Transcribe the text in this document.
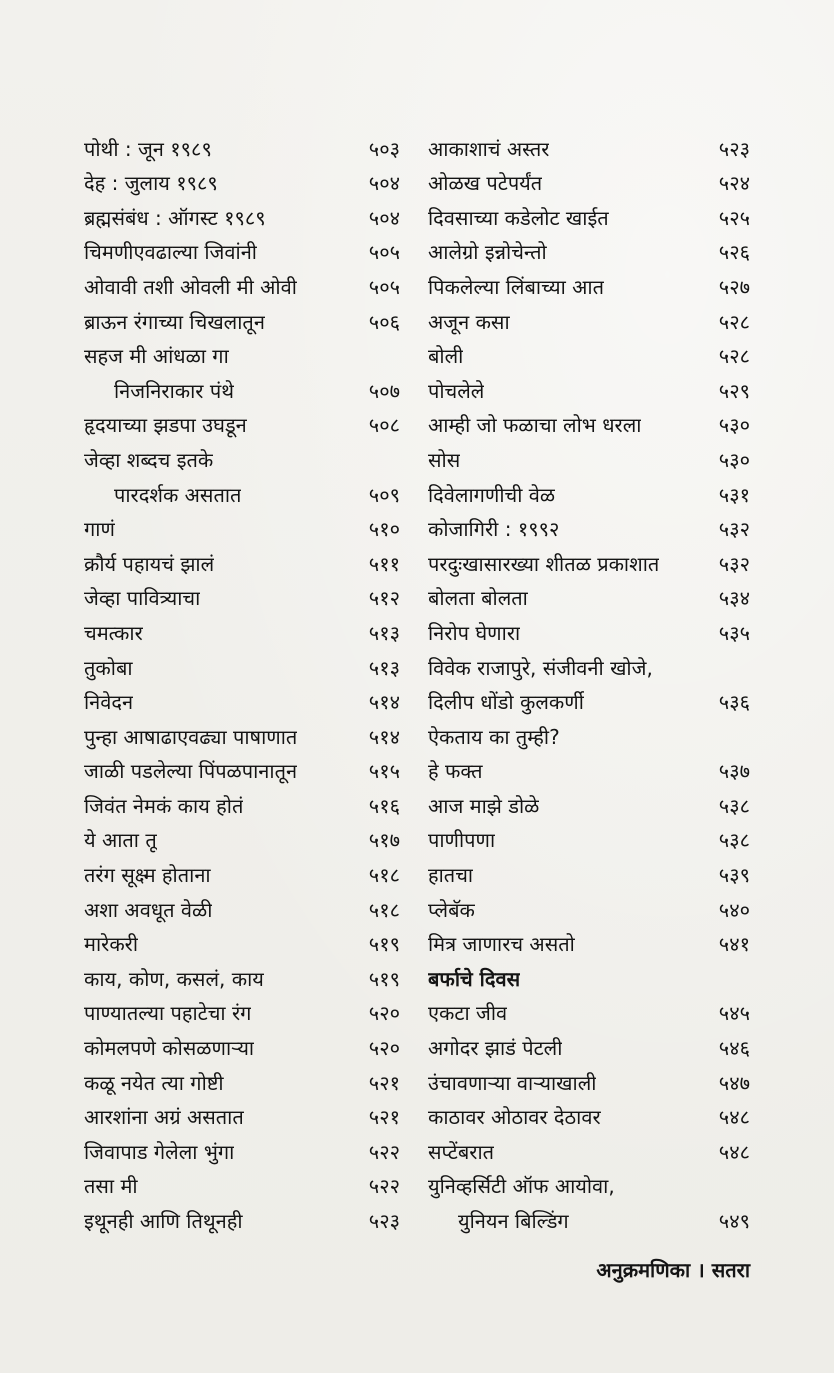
पोथी : जून १९८९	५०३
देह : जुलाय १९८९	५०४
ब्रह्मसंबंध : ऑगस्ट १९८९	५०४
चिमणीएवढाल्या जिवांनी	५०५
ओवावी तशी ओवली मी ओवी	५०५
ब्राऊन रंगाच्या चिखलातून	५०६
सहज मी आंधळा गा
निजनिराकार पंथे	५०७
हृदयाच्या झडपा उघडून	५०८
जेव्हा शब्दच इतके
पारदर्शक असतात	५०९
गाणं	५१०
क्रौर्य पहायचं झालं	५११
जेव्हा पावित्र्याचा	५१२
चमत्कार	५१३
तुकोबा	५१३
निवेदन	५१४
पुन्हा आषाढाएवढ्या पाषाणात	५१४
जाळी पडलेल्या पिंपळपानातून	५१५
जिवंत नेमकं काय होतं	५१६
ये आता तू	५१७
तरंग सूक्ष्म होताना	५१८
अशा अवधूत वेळी	५१८
मारेकरी	५१९
काय, कोण, कसलं, काय	५१९
पाण्यातल्या पहाटेचा रंग	५२०
कोमलपणे कोसळणाऱ्या	५२०
कळू नयेत त्या गोष्टी	५२१
आरशांना अग्रं असतात	५२१
जिवापाड गेलेला भुंगा	५२२
तसा मी	५२२
इथूनही आणि तिथूनही	५२३
आकाशाचं अस्तर	५२३
ओळख पटेपर्यंत	५२४
दिवसाच्या कडेलोट खाईत	५२५
आलेग्रो इन्नोचेन्तो	५२६
पिकलेल्या लिंबाच्या आत	५२७
अजून कसा	५२८
बोली	५२८
पोचलेले	५२९
आम्ही जो फळाचा लोभ धरला	५३०
सोस	५३०
दिवेलागणीची वेळ	५३१
कोजागिरी : १९९२	५३२
परदुःखासारख्या शीतळ प्रकाशात	५३२
बोलता बोलता	५३४
निरोप घेणारा	५३५
विवेक राजापुरे, संजीवनी खोजे,
दिलीप धोंडो कुलकर्णी	५३६
ऐकताय का तुम्ही?
हे फक्त	५३७
आज माझे डोळे	५३८
पाणीपणा	५३८
हातचा	५३९
प्लेबॅक	५४०
मित्र जाणारच असतो	५४१
बर्फाचे दिवस
एकटा जीव	५४५
अगोदर झाडं पेटली	५४६
उंचावणाऱ्या वाऱ्याखाली	५४७
काठावर ओठावर देठावर	५४८
सप्टेंबरात	५४८
युनिव्हर्सिटी ऑफ आयोवा,
युनियन बिल्डिंग	५४९
अनुक्रमणिका । सतरा
